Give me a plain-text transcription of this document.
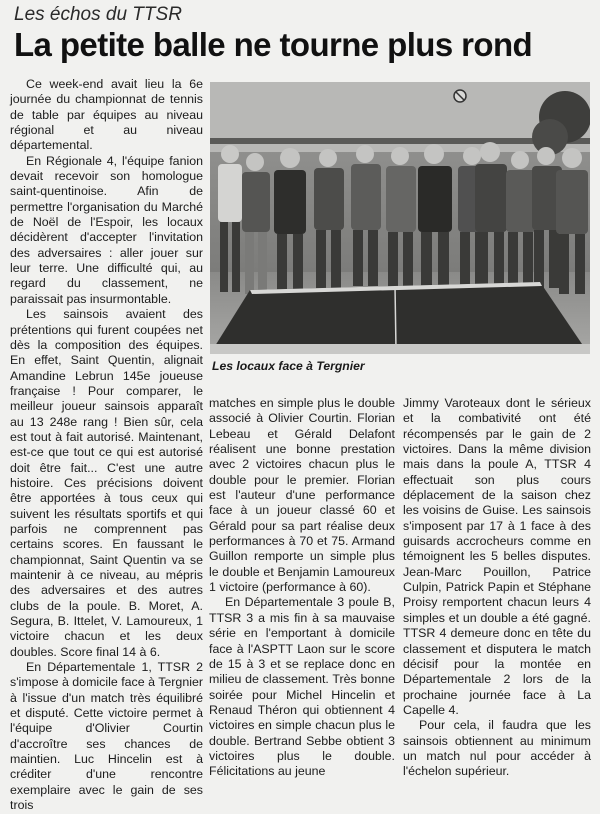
Les échos du TTSR
La petite balle ne tourne plus rond

Ce week-end avait lieu la 6e journée du championnat de tennis de table par équipes au niveau régional et au niveau départemental.

En Régionale 4, l'équipe fanion devait recevoir son homologue saint-quentinoise. Afin de permettre l'organisation du Marché de Noël de l'Espoir, les locaux décidèrent d'accepter l'invitation des adversaires : aller jouer sur leur terre. Une difficulté qui, au regard du classement, ne paraissait pas insurmontable.

Les sainsois avaient des prétentions qui furent coupées net dès la composition des équipes. En effet, Saint Quentin, alignait Amandine Lebrun 145e joueuse française ! Pour comparer, le meilleur joueur sainsois apparaît au 13 248e rang ! Bien sûr, cela est tout à fait autorisé. Maintenant, est-ce que tout ce qui est autorisé doit être fait... C'est une autre histoire. Ces précisions doivent être apportées à tous ceux qui suivent les résultats sportifs et qui parfois ne comprennent pas certains scores. En faussant le championnat, Saint Quentin va se maintenir à ce niveau, au mépris des adversaires et des autres clubs de la poule. B. Moret, A. Segura, B. Ittelet, V. Lamoureux, 1 victoire chacun et les deux doubles. Score final 14 à 6.

En Départementale 1, TTSR 2 s'impose à domicile face à Tergnier à l'issue d'un match très équilibré et disputé. Cette victoire permet à l'équipe d'Olivier Courtin d'accroître ses chances de maintien. Luc Hincelin est à créditer d'une rencontre exemplaire avec le gain de ses trois

Les locaux face à Tergnier

matches en simple plus le double associé à Olivier Courtin. Florian Lebeau et Gérald Delafont réalisent une bonne prestation avec 2 victoires chacun plus le double pour le premier. Florian est l'auteur d'une performance face à un joueur classé 60 et Gérald pour sa part réalise deux performances à 70 et 75. Armand Guillon remporte un simple plus le double et Benjamin Lamoureux 1 victoire (performance à 60).

En Départementale 3 poule B, TTSR 3 a mis fin à sa mauvaise série en l'emportant à domicile face à l'ASPTT Laon sur le score de 15 à 3 et se replace donc en milieu de classement. Très bonne soirée pour Michel Hincelin et Renaud Théron qui obtiennent 4 victoires en simple chacun plus le double. Bertrand Sebbe obtient 3 victoires plus le double. Félicitations au jeune

Jimmy Varoteaux dont le sérieux et la combativité ont été récompensés par le gain de 2 victoires. Dans la même division mais dans la poule A, TTSR 4 effectuait son plus cours déplacement de la saison chez les voisins de Guise. Les sainsois s'imposent par 17 à 1 face à des guisards accrocheurs comme en témoignent les 5 belles disputes. Jean-Marc Pouillon, Patrice Culpin, Patrick Papin et Stéphane Proisy remportent chacun leurs 4 simples et un double a été gagné. TTSR 4 demeure donc en tête du classement et disputera le match décisif pour la montée en Départementale 2 lors de la prochaine journée face à La Capelle 4.

Pour cela, il faudra que les sainsois obtiennent au minimum un match nul pour accéder à l'échelon supérieur.
